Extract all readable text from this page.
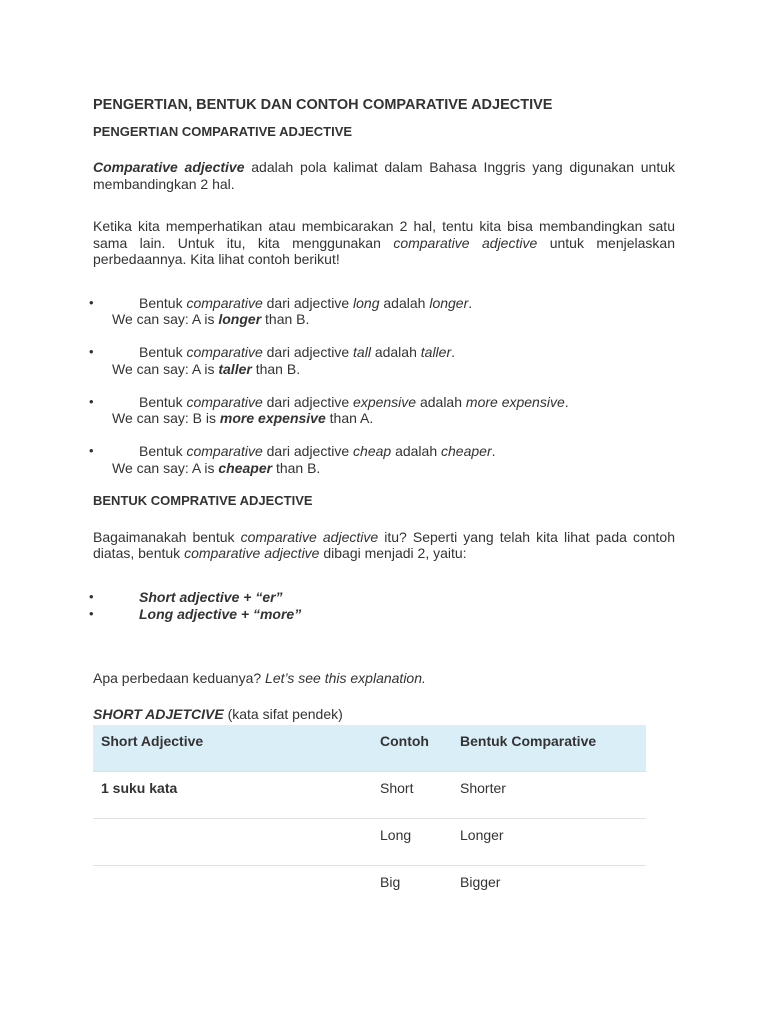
PENGERTIAN, BENTUK DAN CONTOH COMPARATIVE ADJECTIVE
PENGERTIAN COMPARATIVE ADJECTIVE

Comparative adjective adalah pola kalimat dalam Bahasa Inggris yang digunakan untuk membandingkan 2 hal.

Ketika kita memperhatikan atau membicarakan 2 hal, tentu kita bisa membandingkan satu sama lain. Untuk itu, kita menggunakan comparative adjective untuk menjelaskan perbedaannya. Kita lihat contoh berikut!

•	Bentuk comparative dari adjective long adalah longer.
We can say: A is longer than B.
•	Bentuk comparative dari adjective tall adalah taller.
We can say: A is taller than B.
•	Bentuk comparative dari adjective expensive adalah more expensive.
We can say: B is more expensive than A.
•	Bentuk comparative dari adjective cheap adalah cheaper.
We can say: A is cheaper than B.
BENTUK COMPRATIVE ADJECTIVE

Bagaimanakah bentuk comparative adjective itu? Seperti yang telah kita lihat pada contoh diatas, bentuk comparative adjective dibagi menjadi 2, yaitu:

•	Short adjective + “er”
•	Long adjective + “more”

Apa perbedaan keduanya? Let’s see this explanation.

SHORT ADJETCIVE (kata sifat pendek)
Short Adjective	Contoh	Bentuk Comparative
1 suku kata	Short	Shorter
	Long	Longer
	Big	Bigger
